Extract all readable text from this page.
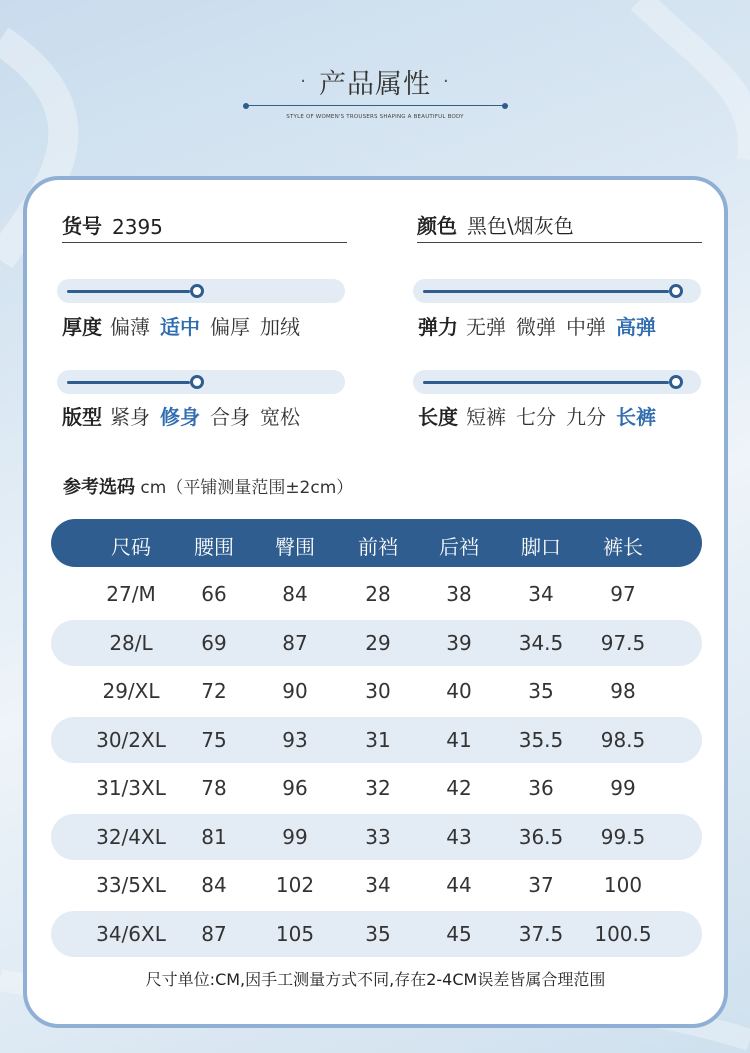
· 产品属性 ·
STYLE OF WOMEN'S TROUSERS SHAPING A BEAUTIFUL BODY
货号 2395	颜色 黑色\烟灰色
厚度 偏薄 适中 偏厚 加绒	弹力 无弹 微弹 中弹 高弹
版型 紧身 修身 合身 宽松	长度 短裤 七分 九分 长裤
参考选码 cm（平铺测量范围±2cm）
尺码	腰围	臀围	前裆	后裆	脚口	裤长
27/M	66	84	28	38	34	97
28/L	69	87	29	39	34.5	97.5
29/XL	72	90	30	40	35	98
30/2XL	75	93	31	41	35.5	98.5
31/3XL	78	96	32	42	36	99
32/4XL	81	99	33	43	36.5	99.5
33/5XL	84	102	34	44	37	100
34/6XL	87	105	35	45	37.5	100.5
尺寸单位:CM,因手工测量方式不同,存在2-4CM误差皆属合理范围
